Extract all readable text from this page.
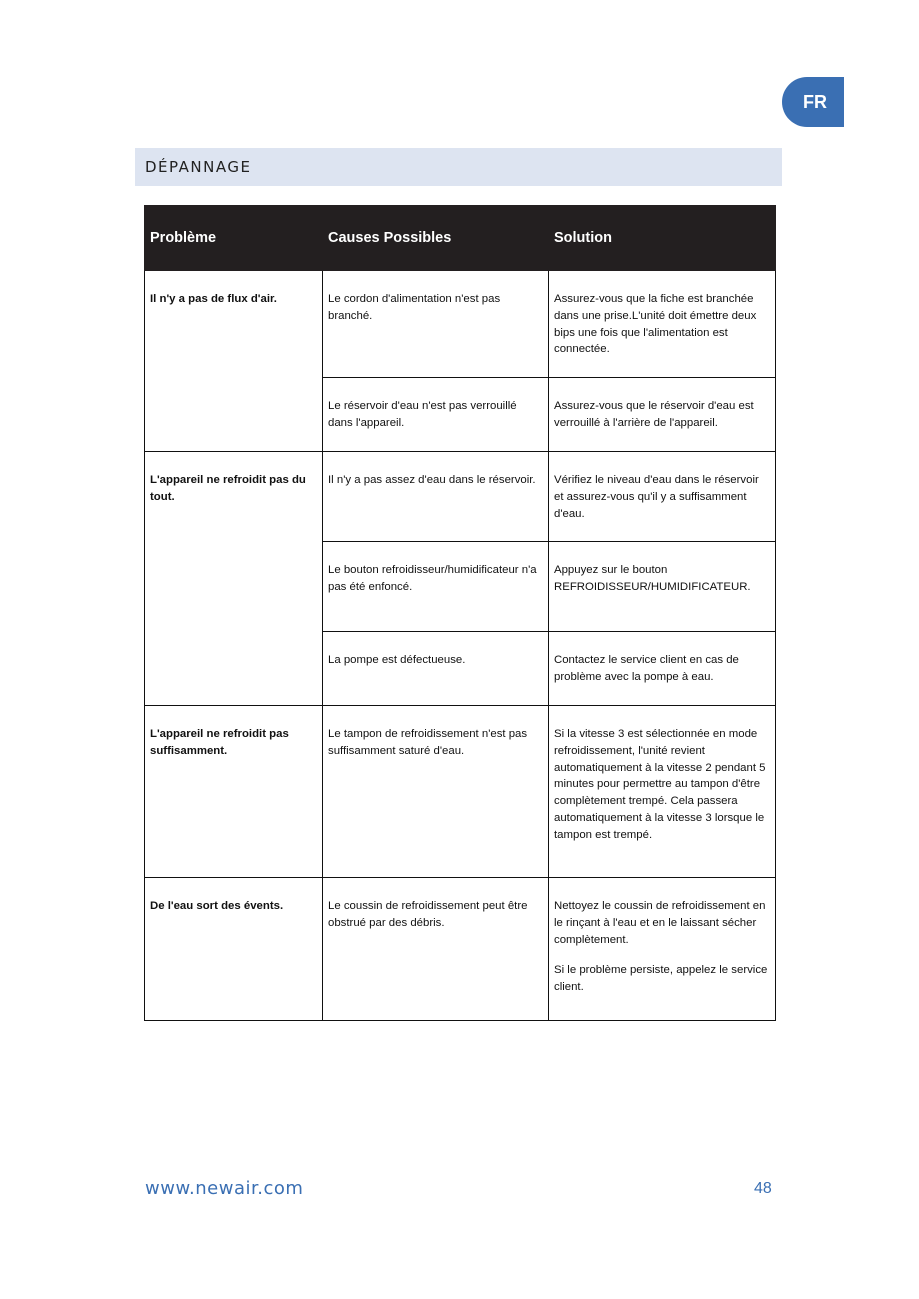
FR
DÉPANNAGE
Problème	Causes Possibles	Solution
Il n'y a pas de flux d'air.	Le cordon d'alimentation n'est pas branché.	Assurez-vous que la fiche est branchée dans une prise.L'unité doit émettre deux bips une fois que l'alimentation est connectée.
	Le réservoir d'eau n'est pas verrouillé dans l'appareil.	Assurez-vous que le réservoir d'eau est verrouillé à l'arrière de l'appareil.
L'appareil ne refroidit pas du tout.	Il n'y a pas assez d'eau dans le réservoir.	Vérifiez le niveau d'eau dans le réservoir et assurez-vous qu'il y a suffisamment d'eau.
	Le bouton refroidisseur/humidificateur n'a pas été enfoncé.	Appuyez sur le bouton REFROIDISSEUR/HUMIDIFICATEUR.
	La pompe est défectueuse.	Contactez le service client en cas de problème avec la pompe à eau.
L'appareil ne refroidit pas suffisamment.	Le tampon de refroidissement n'est pas suffisamment saturé d'eau.	Si la vitesse 3 est sélectionnée en mode refroidissement, l'unité revient automatiquement à la vitesse 2 pendant 5 minutes pour permettre au tampon d'être complètement trempé. Cela passera automatiquement à la vitesse 3 lorsque le tampon est trempé.
De l'eau sort des évents.	Le coussin de refroidissement peut être obstrué par des débris.	Nettoyez le coussin de refroidissement en le rinçant à l'eau et en le laissant sécher complètement.
Si le problème persiste, appelez le service client.
www.newair.com	48
